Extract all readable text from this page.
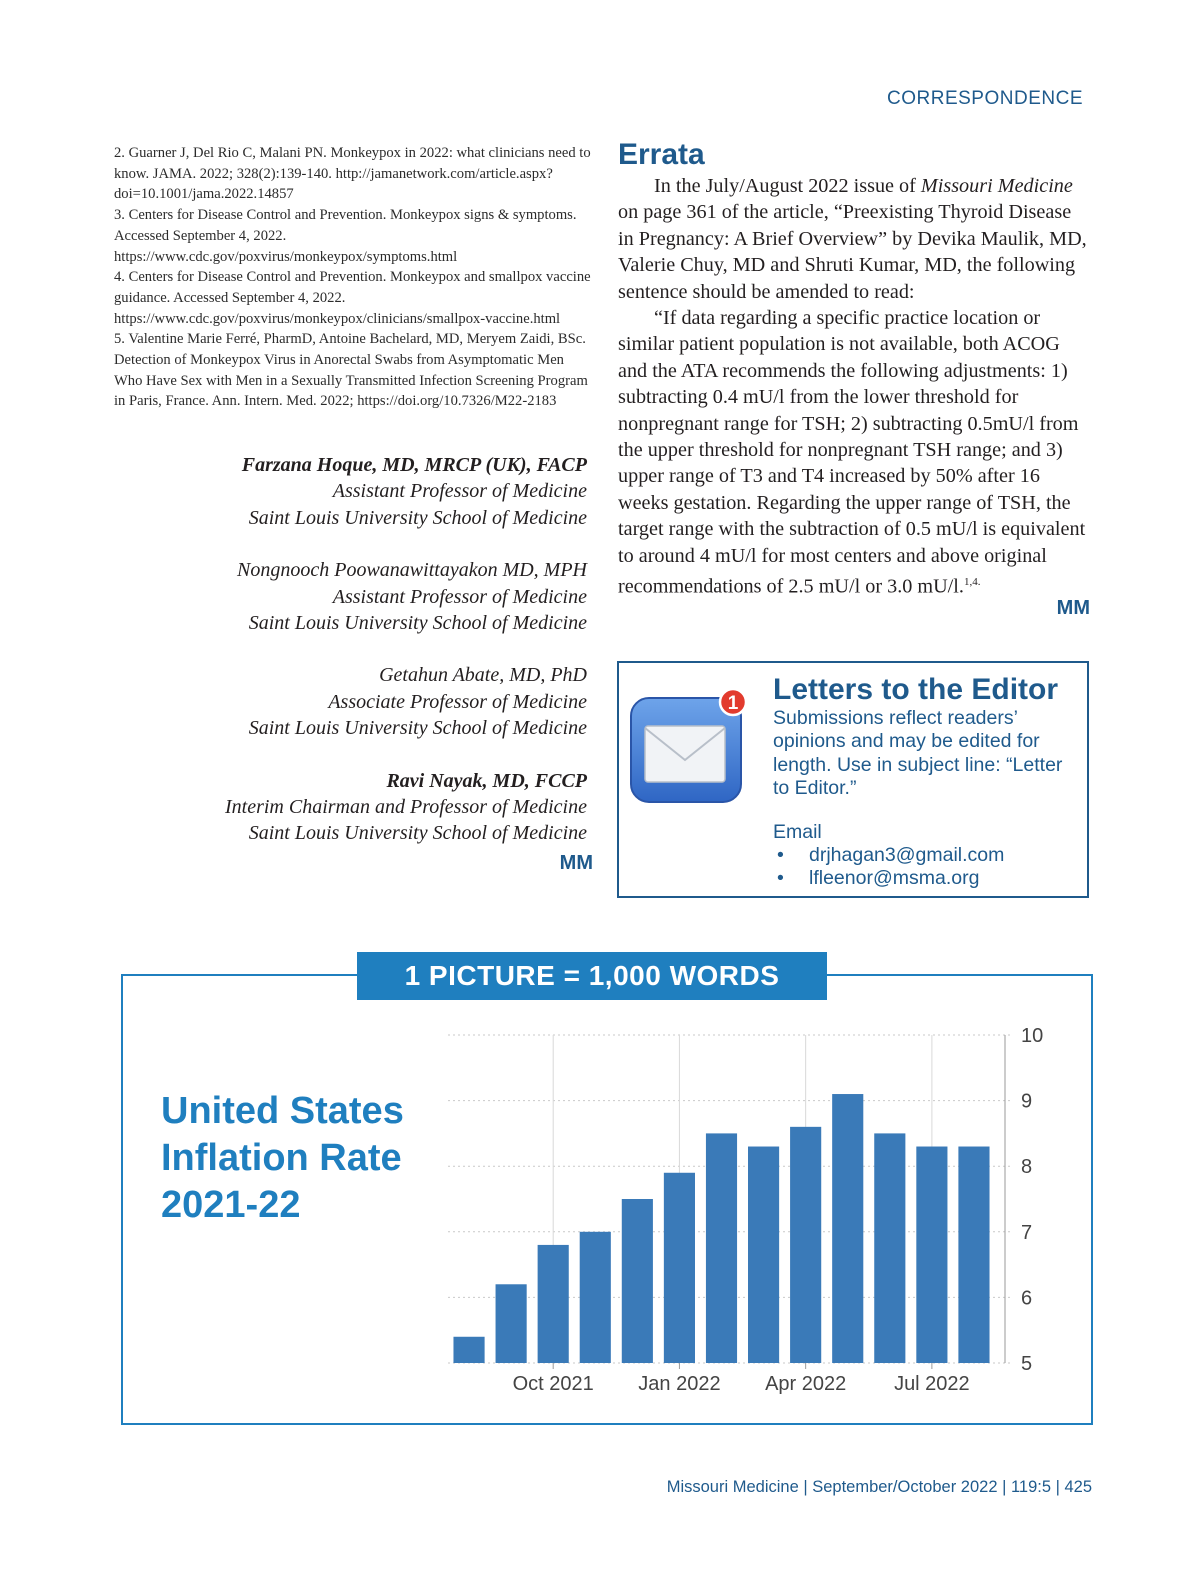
CORRESPONDENCE

2. Guarner J, Del Rio C, Malani PN. Monkeypox in 2022: what clinicians need to know. JAMA. 2022; 328(2):139-140. http://jamanetwork.com/article.aspx?doi=10.1001/jama.2022.14857

3. Centers for Disease Control and Prevention. Monkeypox signs & symptoms. Accessed September 4, 2022. https://www.cdc.gov/poxvirus/monkeypox/symptoms.html

4. Centers for Disease Control and Prevention. Monkeypox and smallpox vaccine guidance. Accessed September 4, 2022. https://www.cdc.gov/poxvirus/monkeypox/clinicians/smallpox-vaccine.html

5. Valentine Marie Ferré, PharmD, Antoine Bachelard, MD, Meryem Zaidi, BSc. Detection of Monkeypox Virus in Anorectal Swabs from Asymptomatic Men Who Have Sex with Men in a Sexually Transmitted Infection Screening Program in Paris, France. Ann. Intern. Med. 2022; https://doi.org/10.7326/M22-2183

Farzana Hoque, MD, MRCP (UK), FACP
Assistant Professor of Medicine
Saint Louis University School of Medicine
Nongnooch Poowanawittayakon MD, MPH
Assistant Professor of Medicine
Saint Louis University School of Medicine
Getahun Abate, MD, PhD
Associate Professor of Medicine
Saint Louis University School of Medicine
Ravi Nayak, MD, FCCP
Interim Chairman and Professor of Medicine
Saint Louis University School of Medicine
MM
Errata

In the July/August 2022 issue of Missouri Medicine on page 361 of the article, “Preexisting Thyroid Disease in Pregnancy: A Brief Overview” by Devika Maulik, MD, Valerie Chuy, MD and Shruti Kumar, MD, the following sentence should be amended to read:

“If data regarding a specific practice location or similar patient population is not available, both ACOG and the ATA recommends the following adjustments: 1) subtracting 0.4 mU/l from the lower threshold for nonpregnant range for TSH; 2) subtracting 0.5mU/l from the upper threshold for nonpregnant TSH range; and 3) upper range of T3 and T4 increased by 50% after 16 weeks gestation. Regarding the upper range of TSH, the target range with the subtraction of 0.5 mU/l is equivalent to around 4 mU/l for most centers and above original recommendations of 2.5 mU/l or 3.0 mU/l.$^{1,4.}$

MM
1 Letters to the Editor
Submissions reflect readers’ opinions and may be edited for length. Use in subject line: “Letter to Editor.”
Email
• drjhagan3@gmail.com
• lfleenor@msma.org
1 PICTURE = 1,000 WORDS
United States
Inflation Rate
2021-22
5
6
7
8
9
10
Oct 2021 Jan 2022 Apr 2022 Jul 2022
Missouri Medicine | September/October 2022 | 119:5 | 425
